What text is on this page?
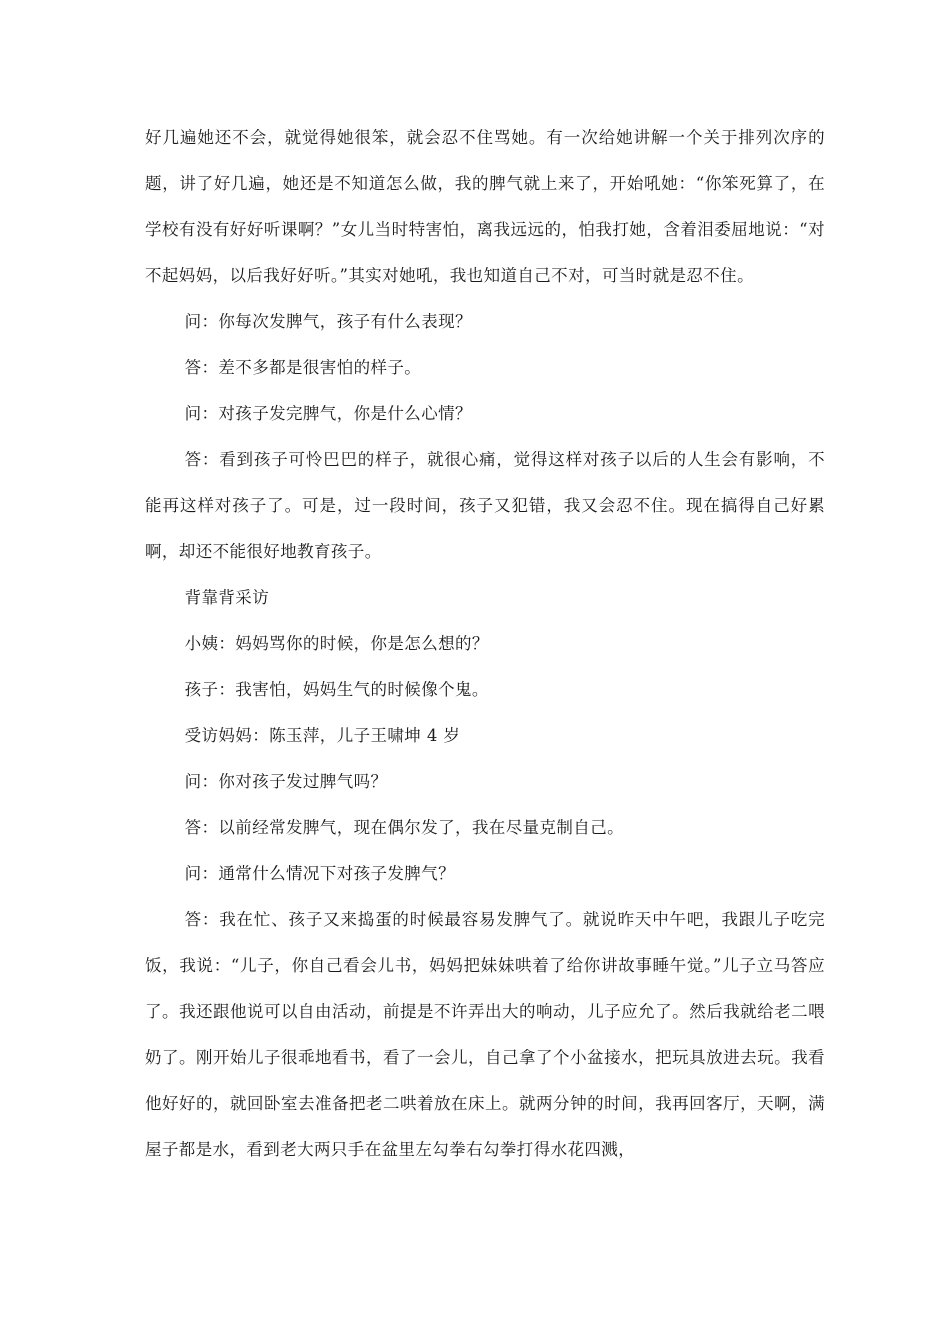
好几遍她还不会，就觉得她很笨，就会忍不住骂她。有一次给她讲解一个关于排列次序的题，讲了好几遍，她还是不知道怎么做，我的脾气就上来了，开始吼她：“你笨死算了，在学校有没有好好听课啊？”女儿当时特害怕，离我远远的，怕我打她，含着泪委屈地说：“对不起妈妈，以后我好好听。”其实对她吼，我也知道自己不对，可当时就是忍不住。

问：你每次发脾气，孩子有什么表现？

答：差不多都是很害怕的样子。

问：对孩子发完脾气，你是什么心情？

答：看到孩子可怜巴巴的样子，就很心痛，觉得这样对孩子以后的人生会有影响，不能再这样对孩子了。可是，过一段时间，孩子又犯错，我又会忍不住。现在搞得自己好累啊，却还不能很好地教育孩子。

背靠背采访

小姨：妈妈骂你的时候，你是怎么想的？

孩子：我害怕，妈妈生气的时候像个鬼。

受访妈妈：陈玉萍，儿子王啸坤 4 岁

问：你对孩子发过脾气吗？

答：以前经常发脾气，现在偶尔发了，我在尽量克制自己。

问：通常什么情况下对孩子发脾气？

答：我在忙、孩子又来捣蛋的时候最容易发脾气了。就说昨天中午吧，我跟儿子吃完饭，我说：“儿子，你自己看会儿书，妈妈把妹妹哄着了给你讲故事睡午觉。”儿子立马答应了。我还跟他说可以自由活动，前提是不许弄出大的响动，儿子应允了。然后我就给老二喂奶了。刚开始儿子很乖地看书，看了一会儿，自己拿了个小盆接水，把玩具放进去玩。我看他好好的，就回卧室去准备把老二哄着放在床上。就两分钟的时间，我再回客厅，天啊，满屋子都是水，看到老大两只手在盆里左勾拳右勾拳打得水花四溅，
